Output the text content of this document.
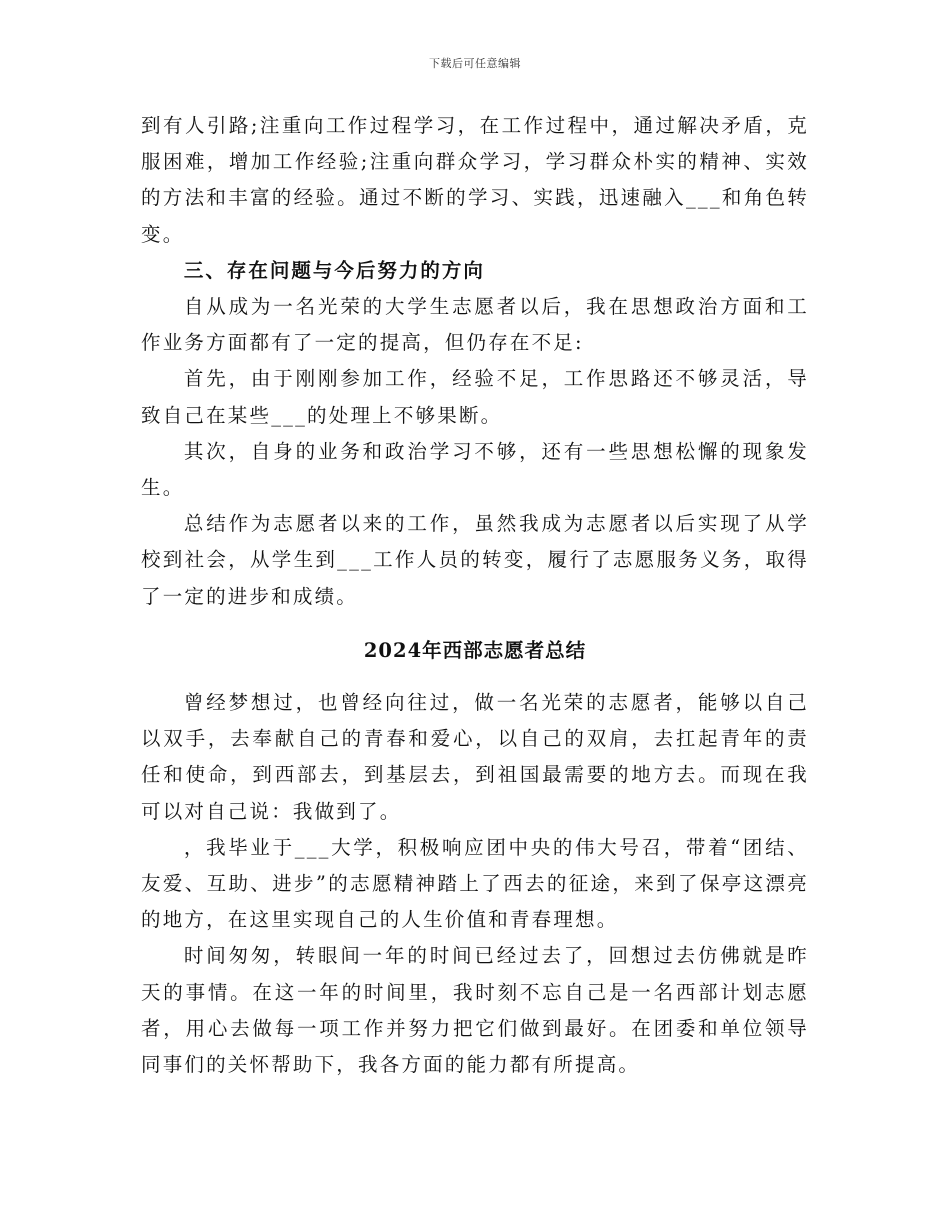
下载后可任意编辑

到有人引路;注重向工作过程学习，在工作过程中，通过解决矛盾，克服困难，增加工作经验;注重向群众学习，学习群众朴实的精神、实效的方法和丰富的经验。通过不断的学习、实践，迅速融入___和角色转变。

三、存在问题与今后努力的方向

自从成为一名光荣的大学生志愿者以后，我在思想政治方面和工作业务方面都有了一定的提高，但仍存在不足:

首先，由于刚刚参加工作，经验不足，工作思路还不够灵活，导致自己在某些___的处理上不够果断。

其次，自身的业务和政治学习不够，还有一些思想松懈的现象发生。

总结作为志愿者以来的工作，虽然我成为志愿者以后实现了从学校到社会，从学生到___工作人员的转变，履行了志愿服务义务，取得了一定的进步和成绩。

2024年西部志愿者总结

曾经梦想过，也曾经向往过，做一名光荣的志愿者，能够以自己以双手，去奉献自己的青春和爱心，以自己的双肩，去扛起青年的责任和使命，到西部去，到基层去，到祖国最需要的地方去。而现在我可以对自己说：我做到了。

，我毕业于___大学，积极响应团中央的伟大号召，带着“团结、友爱、互助、进步”的志愿精神踏上了西去的征途，来到了保亭这漂亮的地方，在这里实现自己的人生价值和青春理想。

时间匆匆，转眼间一年的时间已经过去了，回想过去仿佛就是昨天的事情。在这一年的时间里，我时刻不忘自己是一名西部计划志愿者，用心去做每一项工作并努力把它们做到最好。在团委和单位领导同事们的关怀帮助下，我各方面的能力都有所提高。
